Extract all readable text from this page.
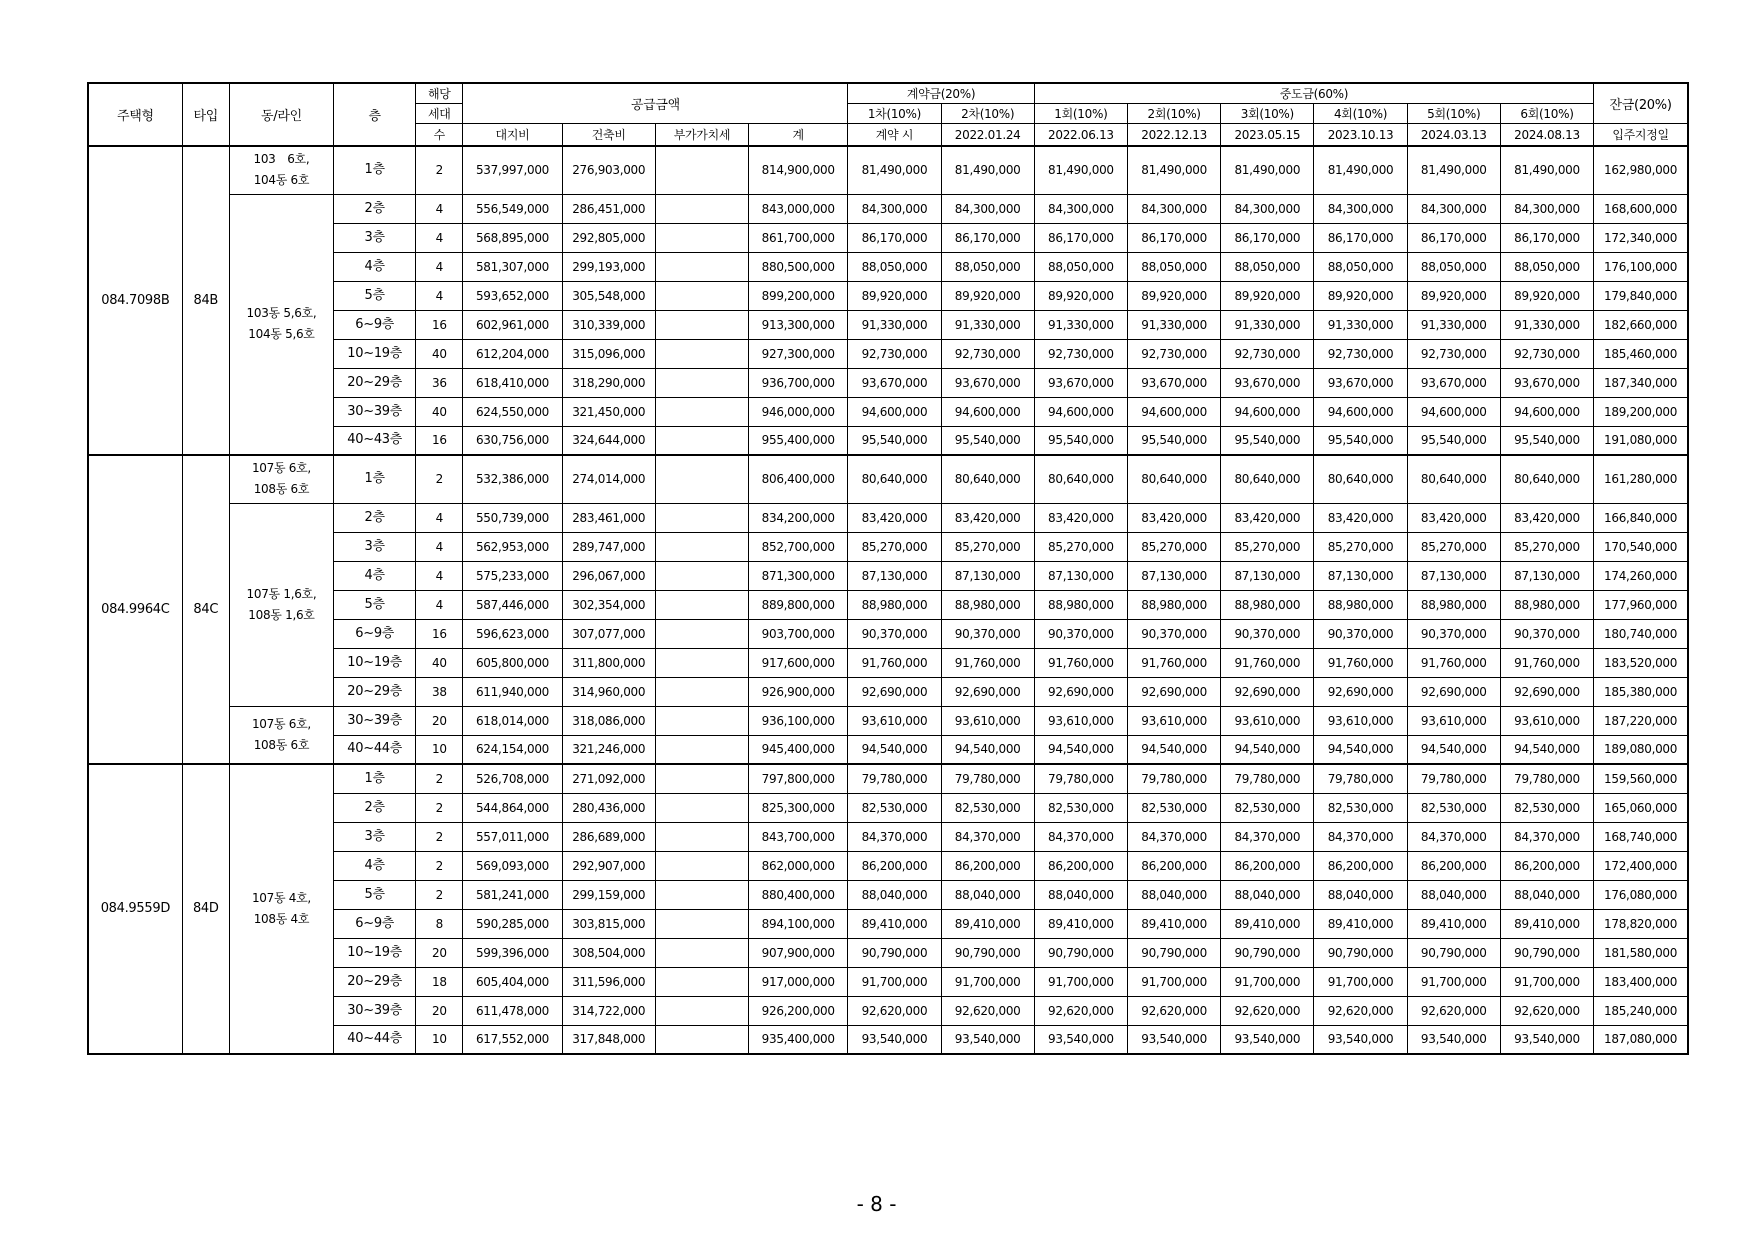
주택형	타입	동/라인	층	해당	공급금액				계약금(20%)		중도금(60%)						잔금(20%)
				세대					1차(10%)	2차(10%)	1회(10%)	2회(10%)	3회(10%)	4회(10%)	5회(10%)	6회(10%)	
				수	대지비	건축비	부가가치세	계	계약 시	2022.01.24	2022.06.13	2022.12.13	2023.05.15	2023.10.13	2024.03.13	2024.08.13	입주지정일
084.7098B	84B	103　6호,
104동 6호	1층	2	537,997,000	276,903,000		814,900,000	81,490,000	81,490,000	81,490,000	81,490,000	81,490,000	81,490,000	81,490,000	81,490,000	162,980,000

		103동 5,6호,
104동 5,6호	2층	4	556,549,000	286,451,000		843,000,000	84,300,000	84,300,000	84,300,000	84,300,000	84,300,000	84,300,000	84,300,000	84,300,000	168,600,000
			3층	4	568,895,000	292,805,000		861,700,000	86,170,000	86,170,000	86,170,000	86,170,000	86,170,000	86,170,000	86,170,000	86,170,000	172,340,000
			4층	4	581,307,000	299,193,000		880,500,000	88,050,000	88,050,000	88,050,000	88,050,000	88,050,000	88,050,000	88,050,000	88,050,000	176,100,000
			5층	4	593,652,000	305,548,000		899,200,000	89,920,000	89,920,000	89,920,000	89,920,000	89,920,000	89,920,000	89,920,000	89,920,000	179,840,000
			6~9층	16	602,961,000	310,339,000		913,300,000	91,330,000	91,330,000	91,330,000	91,330,000	91,330,000	91,330,000	91,330,000	91,330,000	182,660,000
			10~19층	40	612,204,000	315,096,000		927,300,000	92,730,000	92,730,000	92,730,000	92,730,000	92,730,000	92,730,000	92,730,000	92,730,000	185,460,000
			20~29층	36	618,410,000	318,290,000		936,700,000	93,670,000	93,670,000	93,670,000	93,670,000	93,670,000	93,670,000	93,670,000	93,670,000	187,340,000
			30~39층	40	624,550,000	321,450,000		946,000,000	94,600,000	94,600,000	94,600,000	94,600,000	94,600,000	94,600,000	94,600,000	94,600,000	189,200,000
			40~43층	16	630,756,000	324,644,000		955,400,000	95,540,000	95,540,000	95,540,000	95,540,000	95,540,000	95,540,000	95,540,000	95,540,000	191,080,000
084.9964C	84C	107동 6호,
108동 6호	1층	2	532,386,000	274,014,000		806,400,000	80,640,000	80,640,000	80,640,000	80,640,000	80,640,000	80,640,000	80,640,000	80,640,000	161,280,000

		107동 1,6호,
108동 1,6호	2층	4	550,739,000	283,461,000		834,200,000	83,420,000	83,420,000	83,420,000	83,420,000	83,420,000	83,420,000	83,420,000	83,420,000	166,840,000
			3층	4	562,953,000	289,747,000		852,700,000	85,270,000	85,270,000	85,270,000	85,270,000	85,270,000	85,270,000	85,270,000	85,270,000	170,540,000
			4층	4	575,233,000	296,067,000		871,300,000	87,130,000	87,130,000	87,130,000	87,130,000	87,130,000	87,130,000	87,130,000	87,130,000	174,260,000
			5층	4	587,446,000	302,354,000		889,800,000	88,980,000	88,980,000	88,980,000	88,980,000	88,980,000	88,980,000	88,980,000	88,980,000	177,960,000
			6~9층	16	596,623,000	307,077,000		903,700,000	90,370,000	90,370,000	90,370,000	90,370,000	90,370,000	90,370,000	90,370,000	90,370,000	180,740,000
			10~19층	40	605,800,000	311,800,000		917,600,000	91,760,000	91,760,000	91,760,000	91,760,000	91,760,000	91,760,000	91,760,000	91,760,000	183,520,000
			20~29층	38	611,940,000	314,960,000		926,900,000	92,690,000	92,690,000	92,690,000	92,690,000	92,690,000	92,690,000	92,690,000	92,690,000	185,380,000

		107동 6호,
108동 6호	30~39층	20	618,014,000	318,086,000		936,100,000	93,610,000	93,610,000	93,610,000	93,610,000	93,610,000	93,610,000	93,610,000	93,610,000	187,220,000
			40~44층	10	624,154,000	321,246,000		945,400,000	94,540,000	94,540,000	94,540,000	94,540,000	94,540,000	94,540,000	94,540,000	94,540,000	189,080,000
084.9559D	84D	107동 4호,
108동 4호	1층	2	526,708,000	271,092,000		797,800,000	79,780,000	79,780,000	79,780,000	79,780,000	79,780,000	79,780,000	79,780,000	79,780,000	159,560,000
			2층	2	544,864,000	280,436,000		825,300,000	82,530,000	82,530,000	82,530,000	82,530,000	82,530,000	82,530,000	82,530,000	82,530,000	165,060,000
			3층	2	557,011,000	286,689,000		843,700,000	84,370,000	84,370,000	84,370,000	84,370,000	84,370,000	84,370,000	84,370,000	84,370,000	168,740,000
			4층	2	569,093,000	292,907,000		862,000,000	86,200,000	86,200,000	86,200,000	86,200,000	86,200,000	86,200,000	86,200,000	86,200,000	172,400,000
			5층	2	581,241,000	299,159,000		880,400,000	88,040,000	88,040,000	88,040,000	88,040,000	88,040,000	88,040,000	88,040,000	88,040,000	176,080,000
			6~9층	8	590,285,000	303,815,000		894,100,000	89,410,000	89,410,000	89,410,000	89,410,000	89,410,000	89,410,000	89,410,000	89,410,000	178,820,000
			10~19층	20	599,396,000	308,504,000		907,900,000	90,790,000	90,790,000	90,790,000	90,790,000	90,790,000	90,790,000	90,790,000	90,790,000	181,580,000
			20~29층	18	605,404,000	311,596,000		917,000,000	91,700,000	91,700,000	91,700,000	91,700,000	91,700,000	91,700,000	91,700,000	91,700,000	183,400,000
			30~39층	20	611,478,000	314,722,000		926,200,000	92,620,000	92,620,000	92,620,000	92,620,000	92,620,000	92,620,000	92,620,000	92,620,000	185,240,000
			40~44층	10	617,552,000	317,848,000		935,400,000	93,540,000	93,540,000	93,540,000	93,540,000	93,540,000	93,540,000	93,540,000	93,540,000	187,080,000
- 8 -
